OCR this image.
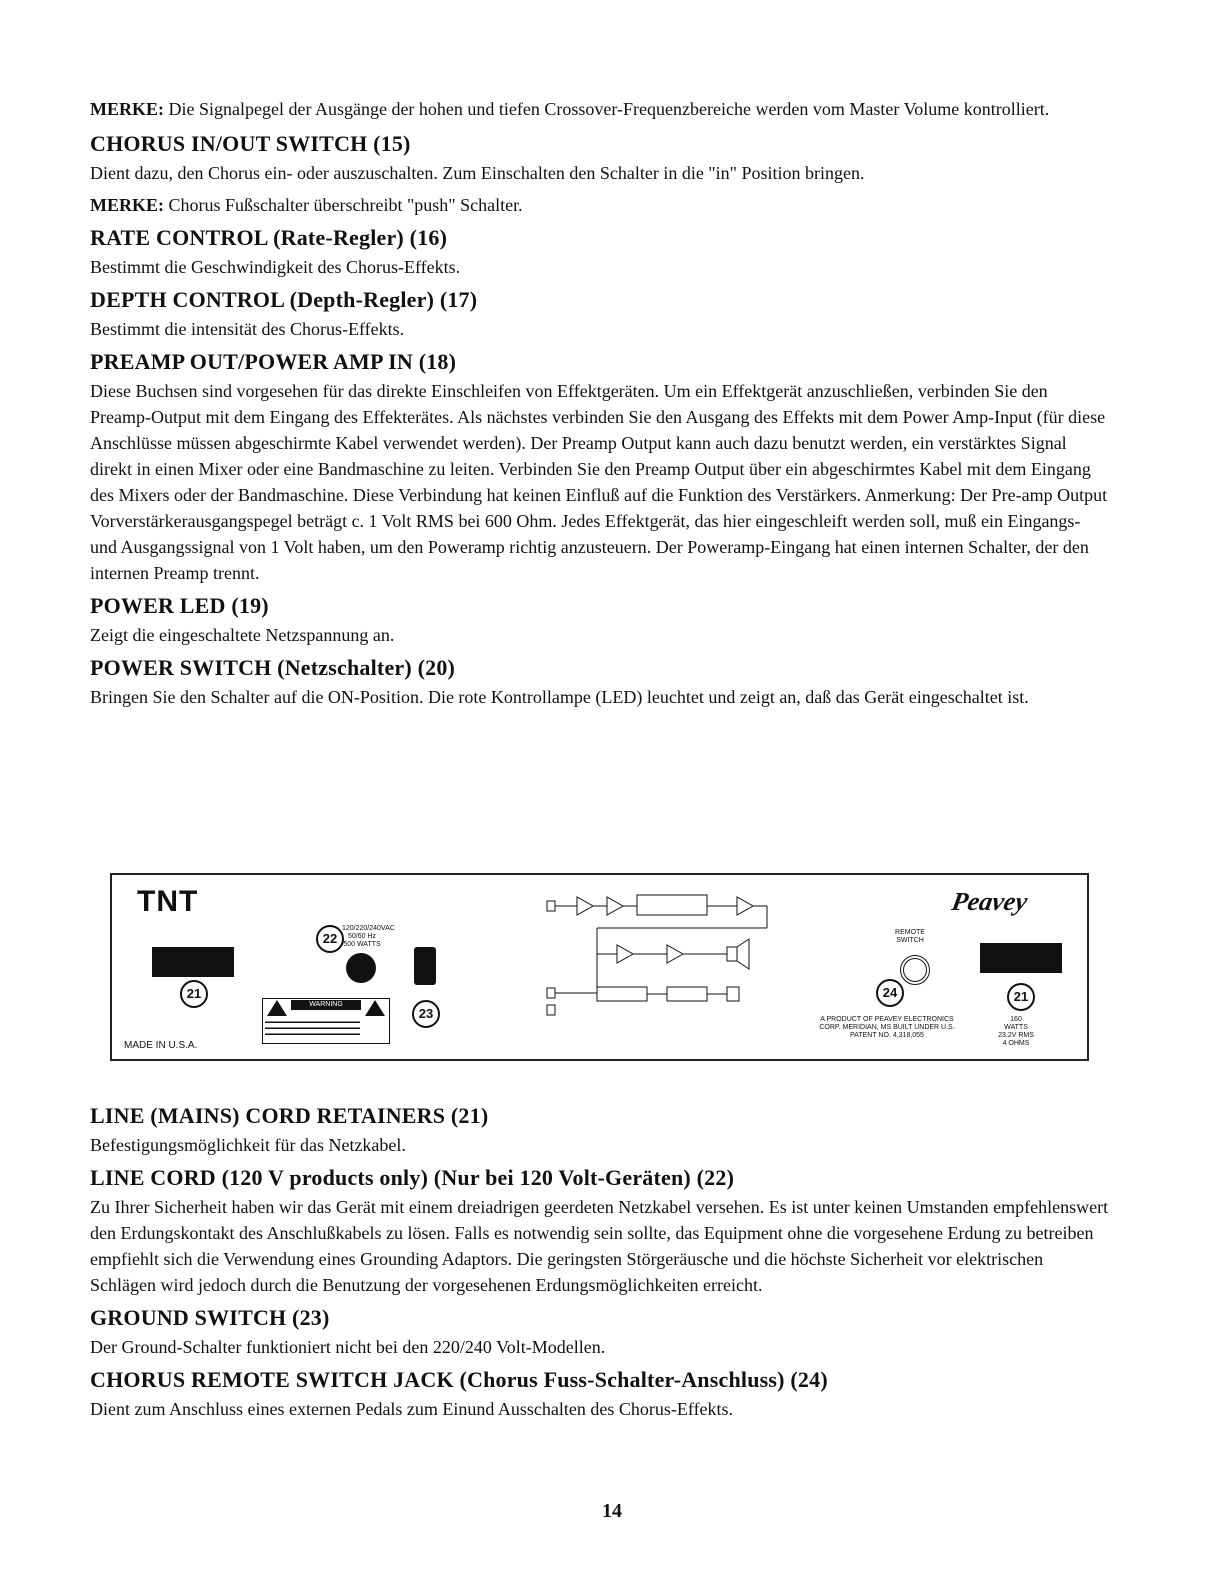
MERKE: Die Signalpegel der Ausgänge der hohen und tiefen Crossover-Frequenzbereiche werden vom Master Volume kontrolliert.
CHORUS IN/OUT SWITCH (15)

Dient dazu, den Chorus ein- oder auszuschalten. Zum Einschalten den Schalter in die "in" Position bringen.

MERKE: Chorus Fußschalter überschreibt "push" Schalter.

RATE CONTROL (Rate-Regler) (16)

Bestimmt die Geschwindigkeit des Chorus-Effekts.

DEPTH CONTROL (Depth-Regler) (17)

Bestimmt die intensität des Chorus-Effekts.

PREAMP OUT/POWER AMP IN (18)

Diese Buchsen sind vorgesehen für das direkte Einschleifen von Effektgeräten. Um ein Effektgerät anzuschließen, verbinden Sie den Preamp-Output mit dem Eingang des Effekterätes. Als nächstes verbinden Sie den Ausgang des Effekts mit dem Power Amp-Input (für diese Anschlüsse müssen abgeschirmte Kabel verwendet werden). Der Preamp Output kann auch dazu benutzt werden, ein verstärktes Signal direkt in einen Mixer oder eine Bandmaschine zu leiten. Verbinden Sie den Preamp Output über ein abgeschirmtes Kabel mit dem Eingang des Mixers oder der Bandmaschine. Diese Verbindung hat keinen Einfluß auf die Funktion des Verstärkers. Anmerkung: Der Pre-amp Output Vorverstärkerausgangspegel beträgt c. 1 Volt RMS bei 600 Ohm. Jedes Effektgerät, das hier eingeschleift werden soll, muß ein Eingangs- und Ausgangssignal von 1 Volt haben, um den Poweramp richtig anzusteuern. Der Poweramp-Eingang hat einen internen Schalter, der den internen Preamp trennt.

POWER LED (19)

Zeigt die eingeschaltete Netzspannung an.

POWER SWITCH (Netzschalter) (20)

Bringen Sie den Schalter auf die ON-Position. Die rote Kontrollampe (LED) leuchtet und zeigt an, daß das Gerät eingeschaltet ist.

TNT
21
22
120/220/240VAC 50/60 Hz 500 WATTS
23
WARNING
▬▬▬▬▬▬▬▬▬▬▬▬▬▬▬▬▬▬▬
▬▬▬▬▬▬▬▬▬▬▬▬▬▬▬▬▬▬▬
▬▬▬▬▬▬▬▬▬▬▬▬▬▬▬▬▬▬▬
MADE IN U.S.A.
Peavey
REMOTE SWITCH
24	21
A PRODUCT OF PEAVEY ELECTRONICS CORP. MERIDIAN, MS BUILT UNDER U.S. PATENT NO. 4,318,055
160 WATTS 23.2V RMS 4 OHMS
LINE (MAINS) CORD RETAINERS (21)

Befestigungsmöglichkeit für das Netzkabel.

LINE CORD (120 V products only) (Nur bei 120 Volt-Geräten) (22)

Zu Ihrer Sicherheit haben wir das Gerät mit einem dreiadrigen geerdeten Netzkabel versehen. Es ist unter keinen Umstanden empfehlenswert den Erdungskontakt des Anschlußkabels zu lösen. Falls es notwendig sein sollte, das Equipment ohne die vorgesehene Erdung zu betreiben empfiehlt sich die Verwendung eines Grounding Adaptors. Die geringsten Störgeräusche und die höchste Sicherheit vor elektrischen Schlägen wird jedoch durch die Benutzung der vorgesehenen Erdungsmöglichkeiten erreicht.

GROUND SWITCH (23)

Der Ground-Schalter funktioniert nicht bei den 220/240 Volt-Modellen.

CHORUS REMOTE SWITCH JACK (Chorus Fuss-Schalter-Anschluss) (24)

Dient zum Anschluss eines externen Pedals zum Einund Ausschalten des Chorus-Effekts.

14
